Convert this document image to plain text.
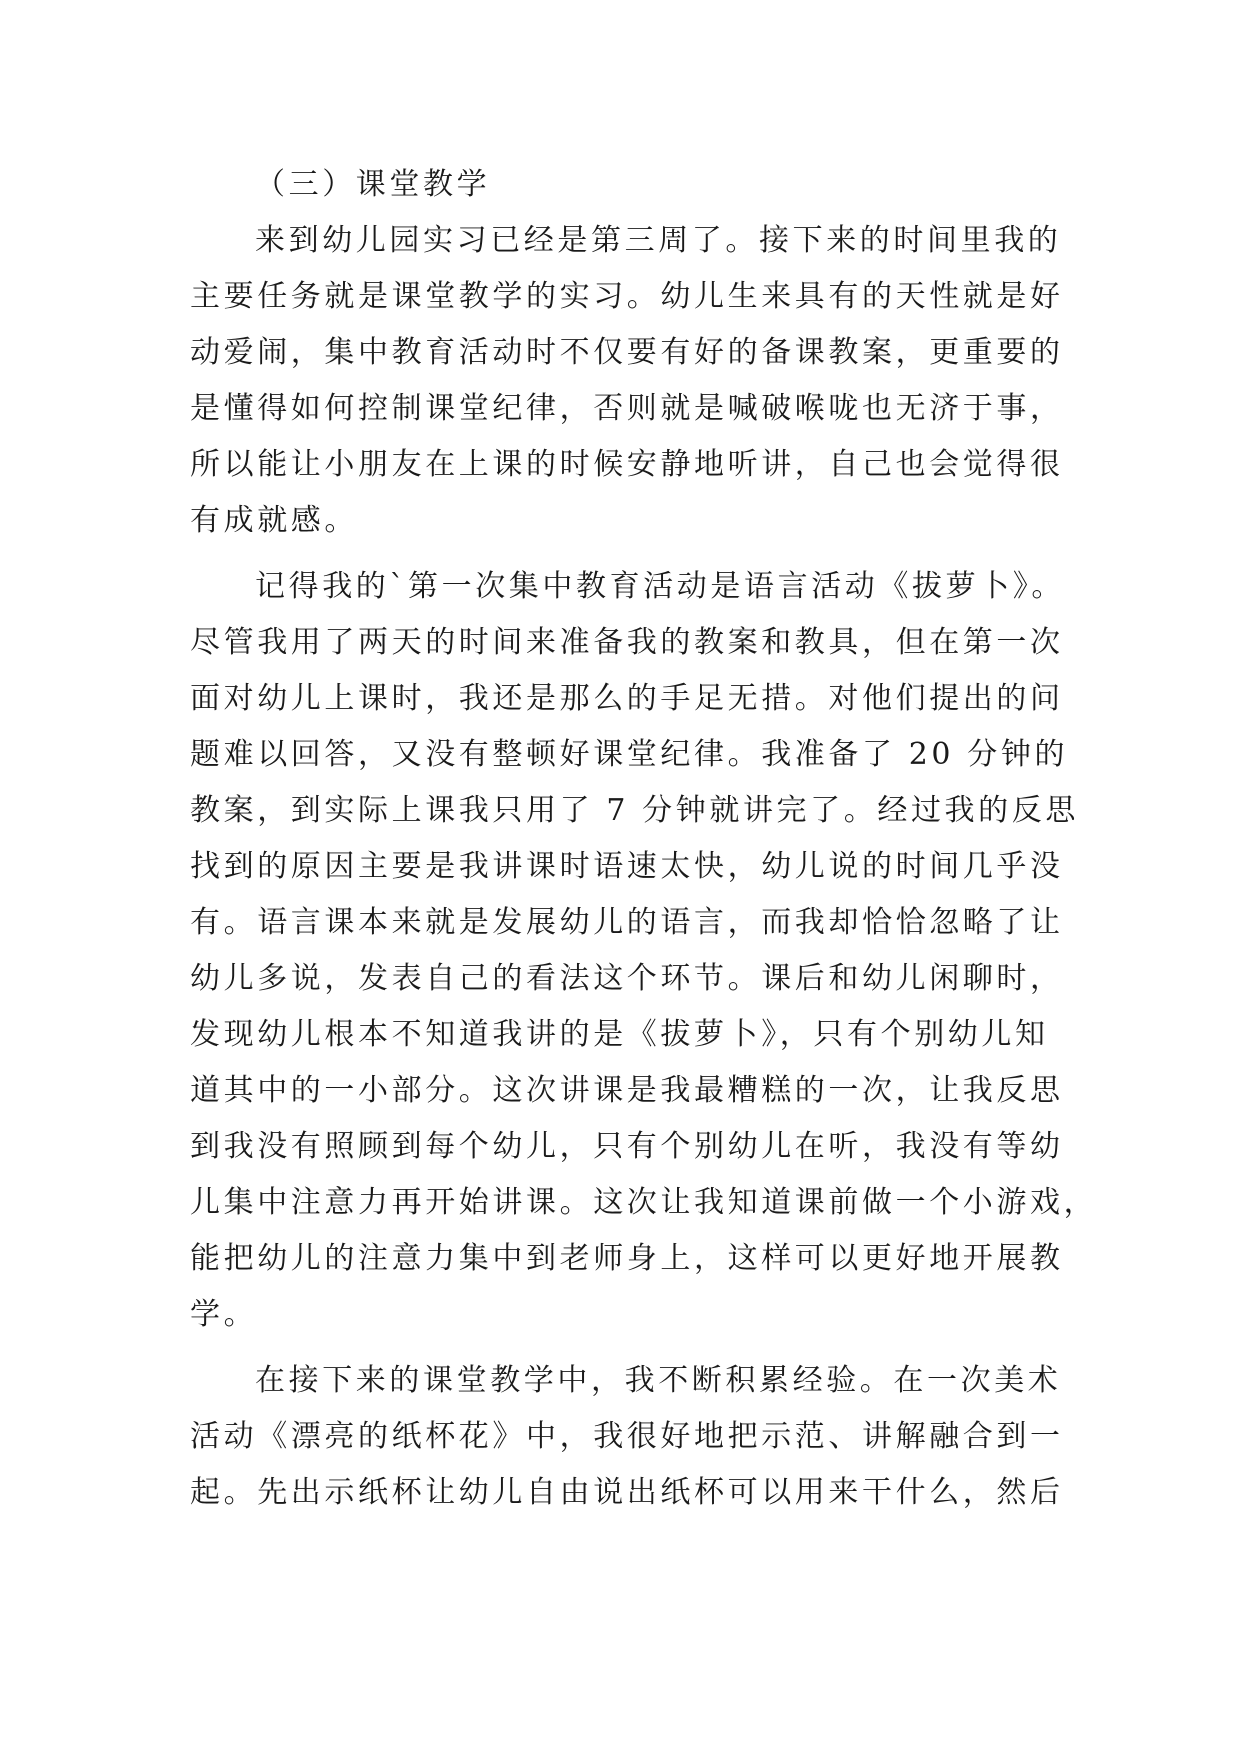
（三）课堂教学
来到幼儿园实习已经是第三周了。接下来的时间里我的
主要任务就是课堂教学的实习。幼儿生来具有的天性就是好
动爱闹，集中教育活动时不仅要有好的备课教案，更重要的
是懂得如何控制课堂纪律，否则就是喊破喉咙也无济于事，
所以能让小朋友在上课的时候安静地听讲，自己也会觉得很
有成就感。
记得我的`第一次集中教育活动是语言活动《拔萝卜》。
尽管我用了两天的时间来准备我的教案和教具，但在第一次
面对幼儿上课时，我还是那么的手足无措。对他们提出的问
题难以回答，又没有整顿好课堂纪律。我准备了 20 分钟的
教案，到实际上课我只用了 7 分钟就讲完了。经过我的反思
找到的原因主要是我讲课时语速太快，幼儿说的时间几乎没
有。语言课本来就是发展幼儿的语言，而我却恰恰忽略了让
幼儿多说，发表自己的看法这个环节。课后和幼儿闲聊时，
发现幼儿根本不知道我讲的是《拔萝卜》，只有个别幼儿知
道其中的一小部分。这次讲课是我最糟糕的一次，让我反思
到我没有照顾到每个幼儿，只有个别幼儿在听，我没有等幼
儿集中注意力再开始讲课。这次让我知道课前做一个小游戏，
能把幼儿的注意力集中到老师身上，这样可以更好地开展教
学。
在接下来的课堂教学中，我不断积累经验。在一次美术
活动《漂亮的纸杯花》中，我很好地把示范、讲解融合到一
起。先出示纸杯让幼儿自由说出纸杯可以用来干什么，然后
